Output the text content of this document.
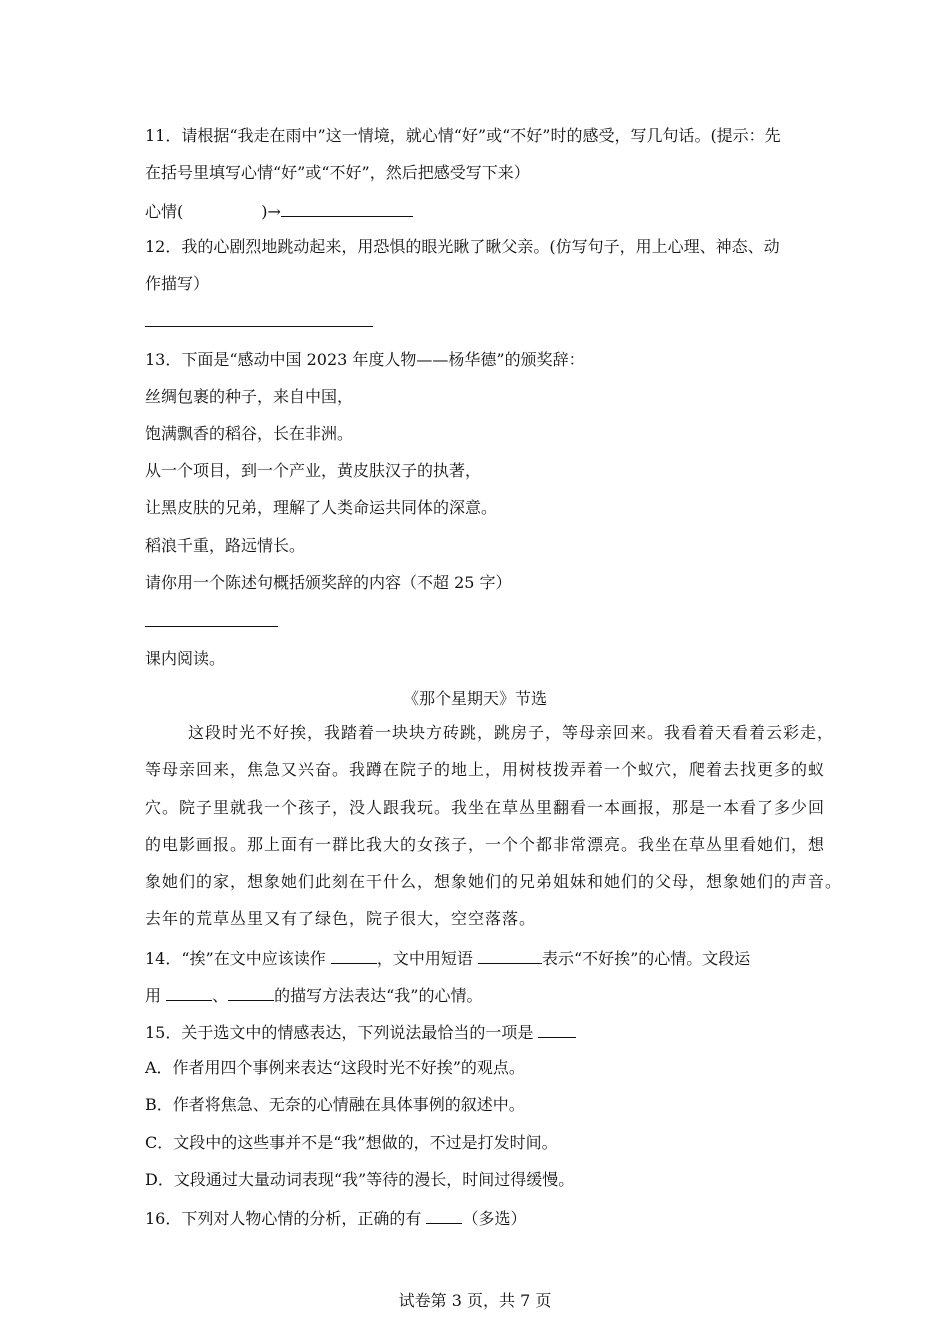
11．请根据“我走在雨中”这一情境，就心情“好”或“不好”时的感受，写几句话。(提示：先
在括号里填写心情“好”或“不好”，然后把感受写下来）
心情(	)→
12．我的心剧烈地跳动起来，用恐惧的眼光瞅了瞅父亲。(仿写句子，用上心理、神态、动
作描写）
13．下面是“感动中国 2023 年度人物——杨华德”的颁奖辞：
丝绸包裹的种子，来自中国，
饱满飘香的稻谷，长在非洲。
从一个项目，到一个产业，黄皮肤汉子的执著，
让黑皮肤的兄弟，理解了人类命运共同体的深意。
稻浪千重，路远情长。
请你用一个陈述句概括颁奖辞的内容（不超 25 字）
课内阅读。
《那个星期天》节选
这段时光不好挨，我踏着一块块方砖跳，跳房子，等母亲回来。我看着天看着云彩走，
等母亲回来，焦急又兴奋。我蹲在院子的地上，用树枝拨弄着一个蚁穴，爬着去找更多的蚁
穴。院子里就我一个孩子，没人跟我玩。我坐在草丛里翻看一本画报，那是一本看了多少回
的电影画报。那上面有一群比我大的女孩子，一个个都非常漂亮。我坐在草丛里看她们，想
象她们的家，想象她们此刻在干什么，想象她们的兄弟姐妹和她们的父母，想象她们的声音。
去年的荒草丛里又有了绿色，院子很大，空空落落。
14．“挨”在文中应该读作	，文中用短语	表示“不好挨”的心情。文段运
用	、	的描写方法表达“我”的心情。
15．关于选文中的情感表达，下列说法最恰当的一项是
A．作者用四个事例来表达“这段时光不好挨”的观点。
B．作者将焦急、无奈的心情融在具体事例的叙述中。
C．文段中的这些事并不是“我”想做的，不过是打发时间。
D．文段通过大量动词表现“我”等待的漫长，时间过得缓慢。
16．下列对人物心情的分析，正确的有	（多选）
试卷第 3 页，共 7 页
